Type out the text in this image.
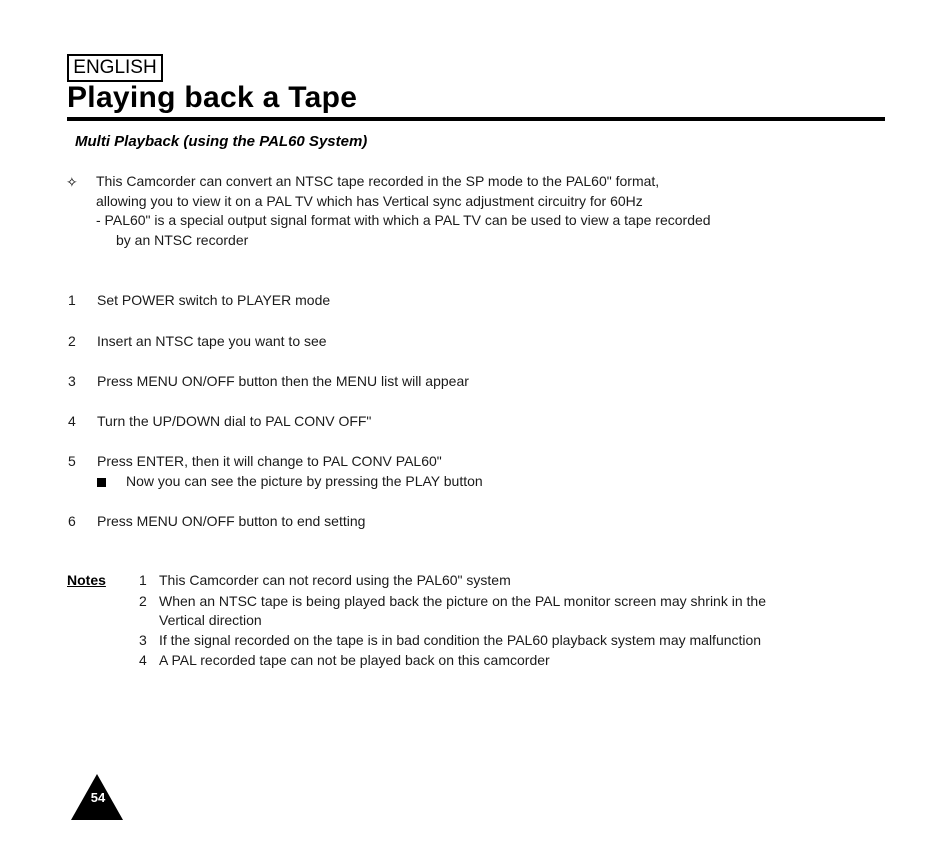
ENGLISH
Playing back a Tape
Multi Playback (using the PAL60 System)
✧ This Camcorder can convert an NTSC tape recorded in the SP mode to the PAL60" format,
allowing you to view it on a PAL TV which has Vertical sync adjustment circuitry for 60Hz
- PAL60" is a special output signal format with which a PAL TV can be used to view a tape recorded
by an NTSC recorder
1 Set POWER switch to PLAYER mode
2 Insert an NTSC tape you want to see
3 Press MENU ON/OFF button then the MENU list will appear
4 Turn the UP/DOWN dial to PAL CONV OFF"
5 Press ENTER, then it will change to PAL CONV PAL60"
Now you can see the picture by pressing the PLAY button
6 Press MENU ON/OFF button to end setting
Notes 1 This Camcorder can not record using the PAL60" system
2 When an NTSC tape is being played back the picture on the PAL monitor screen may shrink in the
Vertical direction
3 If the signal recorded on the tape is in bad condition the PAL60 playback system may malfunction
4 A PAL recorded tape can not be played back on this camcorder
54
